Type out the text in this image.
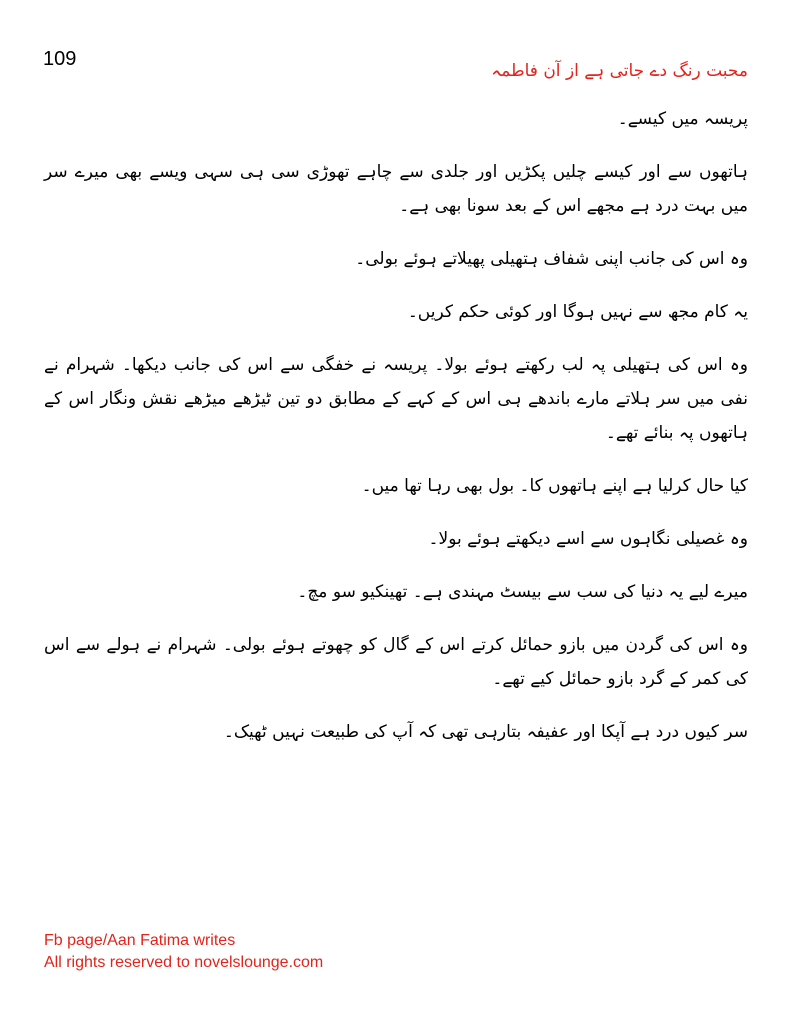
109
محبت رنگ دے جاتی ہے از آن فاطمہ

پریسہ میں کیسے۔

ہاتھوں سے اور کیسے چلیں پکڑیں اور جلدی سے چاہے تھوڑی سی ہی سہی ویسے بھی میرے سر میں بہت درد ہے مجھے اس کے بعد سونا بھی ہے۔

وہ اس کی جانب اپنی شفاف ہتھیلی پھیلاتے ہوئے بولی۔

یہ کام مجھ سے نہیں ہوگا اور کوئی حکم کریں۔

وہ اس کی ہتھیلی پہ لب رکھتے ہوئے بولا۔ پریسہ نے خفگی سے اس کی جانب دیکھا۔ شہرام نے نفی میں سر ہلاتے مارے باندھے ہی اس کے کہے کے مطابق دو تین ٹیڑھے میڑھے نقش ونگار اس کے ہاتھوں پہ بنائے تھے۔

کیا حال کرلیا ہے اپنے ہاتھوں کا۔ بول بھی رہا تھا میں۔

وہ غصیلی نگاہوں سے اسے دیکھتے ہوئے بولا۔

میرے لیے یہ دنیا کی سب سے بیسٹ مہندی ہے۔ تھینکیو سو مچ۔

وہ اس کی گردن میں بازو حمائل کرتے اس کے گال کو چھوتے ہوئے بولی۔ شہرام نے ہولے سے اس کی کمر کے گرد بازو حمائل کیے تھے۔

سر کیوں درد ہے آپکا اور عفیفہ بتارہی تھی کہ آپ کی طبیعت نہیں ٹھیک۔

Fb page/Aan Fatima writes
All rights reserved to novelslounge.com
